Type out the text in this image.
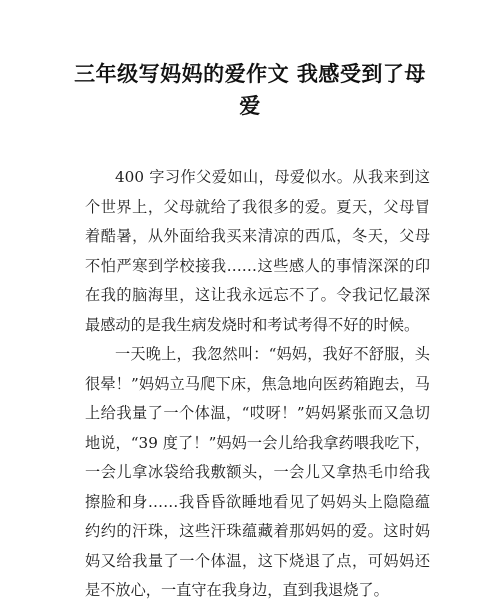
三年级写妈妈的爱作文 我感受到了母爱

400 字习作父爱如山，母爱似水。从我来到这个世界上，父母就给了我很多的爱。夏天，父母冒着酷暑，从外面给我买来清凉的西瓜，冬天，父母不怕严寒到学校接我……这些感人的事情深深的印在我的脑海里，这让我永远忘不了。令我记忆最深最感动的是我生病发烧时和考试考得不好的时候。

一天晚上，我忽然叫：“妈妈，我好不舒服，头很晕！”妈妈立马爬下床，焦急地向医药箱跑去，马上给我量了一个体温，“哎呀！”妈妈紧张而又急切地说，“39 度了！”妈妈一会儿给我拿药喂我吃下，一会儿拿冰袋给我敷额头，一会儿又拿热毛巾给我擦脸和身……我昏昏欲睡地看见了妈妈头上隐隐蕴约约的汗珠，这些汗珠蕴藏着那妈妈的爱。这时妈妈又给我量了一个体温，这下烧退了点，可妈妈还是不放心，一直守在我身边，直到我退烧了。
